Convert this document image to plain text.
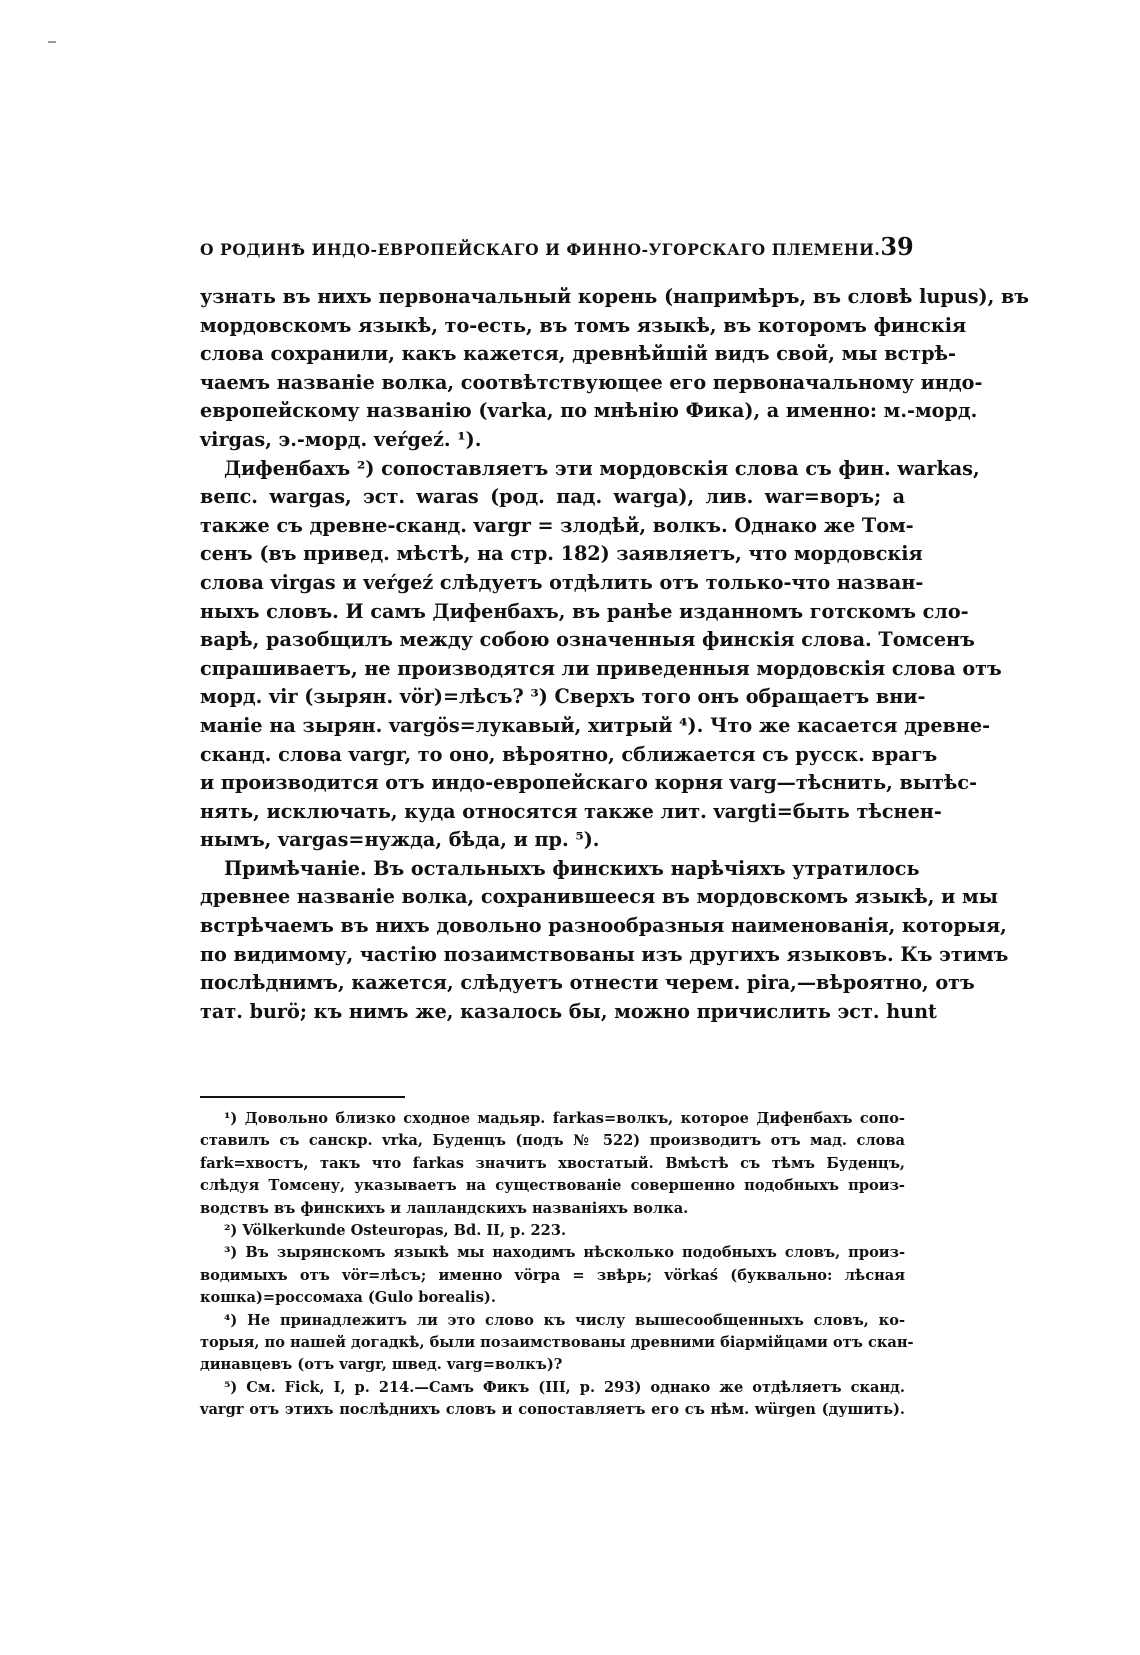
О РОДИНѢ ИНДО-ЕВРОПЕЙСКАГО И ФИННО-УГОРСКАГО ПЛЕМЕНИ. 39
узнать въ нихъ первоначальный корень (напримѣръ, въ словѣ lupus), въ
мордовскомъ языкѣ, то-есть, въ томъ языкѣ, въ которомъ финскія
слова сохранили, какъ кажется, древнѣйшій видъ свой, мы встрѣ-
чаемъ названіе волка, соотвѣтствующее его первоначальному индо-
европейскому названію (varka, по мнѣнію Фика), а именно: м.-морд.
virgas, э.-морд. veŕgeź. ¹).
Дифенбахъ ²) сопоставляетъ эти мордовскія слова съ фин. warkas,
вепс. wargas, эст. waras (род. пад. warga), лив. war=воръ; а
также съ древне-сканд. vargr = злодѣй, волкъ. Однако же Том-
сенъ (въ привед. мѣстѣ, на стр. 182) заявляетъ, что мордовскія
слова virgas и veŕgeź слѣдуетъ отдѣлить отъ только-что назван-
ныхъ словъ. И самъ Дифенбахъ, въ ранѣе изданномъ готскомъ сло-
варѣ, разобщилъ между собою означенныя финскія слова. Томсенъ
спрашиваетъ, не производятся ли приведенныя мордовскія слова отъ
морд. vir (зырян. vör)=лѣсъ? ³) Сверхъ того онъ обращаетъ вни-
маніе на зырян. vargös=лукавый, хитрый ⁴). Что же касается древне-
сканд. слова vargr, то оно, вѣроятно, сближается съ русск. врагъ
и производится отъ индо-европейскаго корня varg—тѣснить, вытѣс-
нять, исключать, куда относятся также лит. vargti=быть тѣснен-
нымъ, vargas=нужда, бѣда, и пр. ⁵).
Примѣчаніе. Въ остальныхъ финскихъ нарѣчіяхъ утратилось
древнее названіе волка, сохранившееся въ мордовскомъ языкѣ, и мы
встрѣчаемъ въ нихъ довольно разнообразныя наименованія, которыя,
по видимому, частію позаимствованы изъ другихъ языковъ. Къ этимъ
послѣднимъ, кажется, слѣдуетъ отнести черем. pira,—вѣроятно, отъ
тат. burö; къ нимъ же, казалось бы, можно причислить эст. hunt
¹) Довольно близко сходное мадьяр. farkas=волкъ, которое Дифенбахъ сопо-
ставилъ съ санскр. vrka, Буденцъ (подъ № 522) производитъ отъ мад. слова
fark=хвостъ, такъ что farkas значитъ хвостатый. Вмѣстѣ съ тѣмъ Буденцъ,
слѣдуя Томсену, указываетъ на существованіе совершенно подобныхъ произ-
водствъ въ финскихъ и лапландскихъ названіяхъ волка.
²) Völkerkunde Osteuropas, Bd. II, p. 223.
³) Въ зырянскомъ языкѣ мы находимъ нѣсколько подобныхъ словъ, произ-
водимыхъ отъ vör=лѣсъ; именно vörpa = звѣрь; vörkaś (буквально: лѣсная
кошка)=россомаха (Gulo borealis).
⁴) Не принадлежитъ ли это слово къ числу вышесообщенныхъ словъ, ко-
торыя, по нашей догадкѣ, были позаимствованы древними біармійцами отъ скан-
динавцевъ (отъ vargr, швед. varg=волкъ)?
⁵) См. Fick, I, p. 214.—Самъ Фикъ (III, p. 293) однако же отдѣляетъ сканд.
vargr отъ этихъ послѣднихъ словъ и сопоставляетъ его съ нѣм. würgen (душить).
